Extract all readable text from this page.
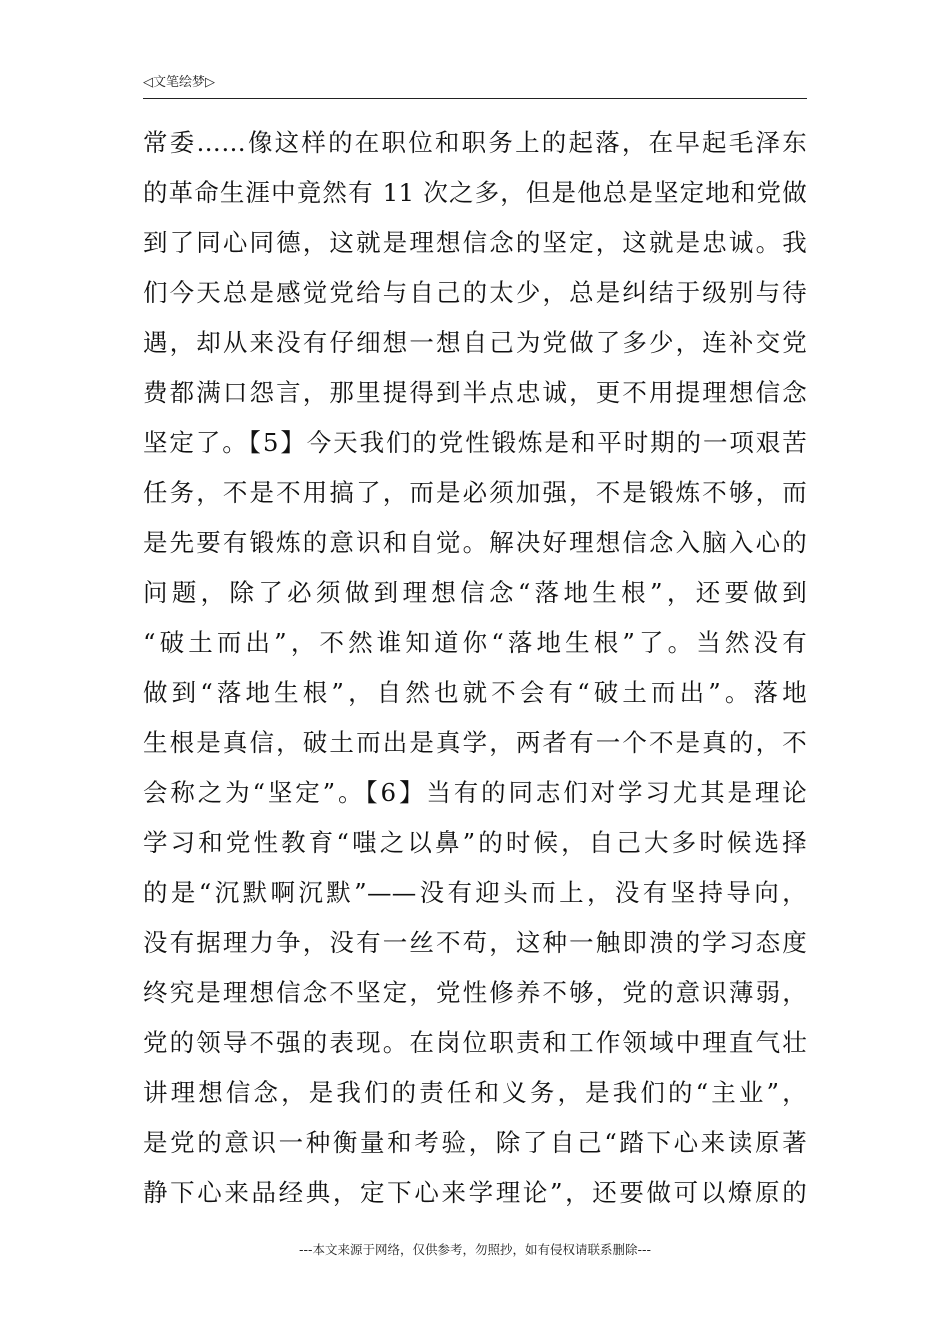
◁文笔绘梦▷
常委……像这样的在职位和职务上的起落，在早起毛泽东
的革命生涯中竟然有 11 次之多，但是他总是坚定地和党做
到了同心同德，这就是理想信念的坚定，这就是忠诚。我
们今天总是感觉党给与自己的太少，总是纠结于级别与待
遇，却从来没有仔细想一想自己为党做了多少，连补交党
费都满口怨言，那里提得到半点忠诚，更不用提理想信念
坚定了。【5】今天我们的党性锻炼是和平时期的一项艰苦
任务，不是不用搞了，而是必须加强，不是锻炼不够，而
是先要有锻炼的意识和自觉。解决好理想信念入脑入心的
问题，除了必须做到理想信念“落地生根”，还要做到
“破土而出”，不然谁知道你“落地生根”了。当然没有
做到“落地生根”，自然也就不会有“破土而出”。落地
生根是真信，破土而出是真学，两者有一个不是真的，不
会称之为“坚定”。【6】当有的同志们对学习尤其是理论
学习和党性教育“嗤之以鼻”的时候，自己大多时候选择
的是“沉默啊沉默”——没有迎头而上，没有坚持导向，
没有据理力争，没有一丝不苟，这种一触即溃的学习态度
终究是理想信念不坚定，党性修养不够，党的意识薄弱，
党的领导不强的表现。在岗位职责和工作领域中理直气壮
讲理想信念，是我们的责任和义务，是我们的“主业”，
是党的意识一种衡量和考验，除了自己“踏下心来读原著
静下心来品经典，定下心来学理论”，还要做可以燎原的
---本文来源于网络，仅供参考，勿照抄，如有侵权请联系删除---
